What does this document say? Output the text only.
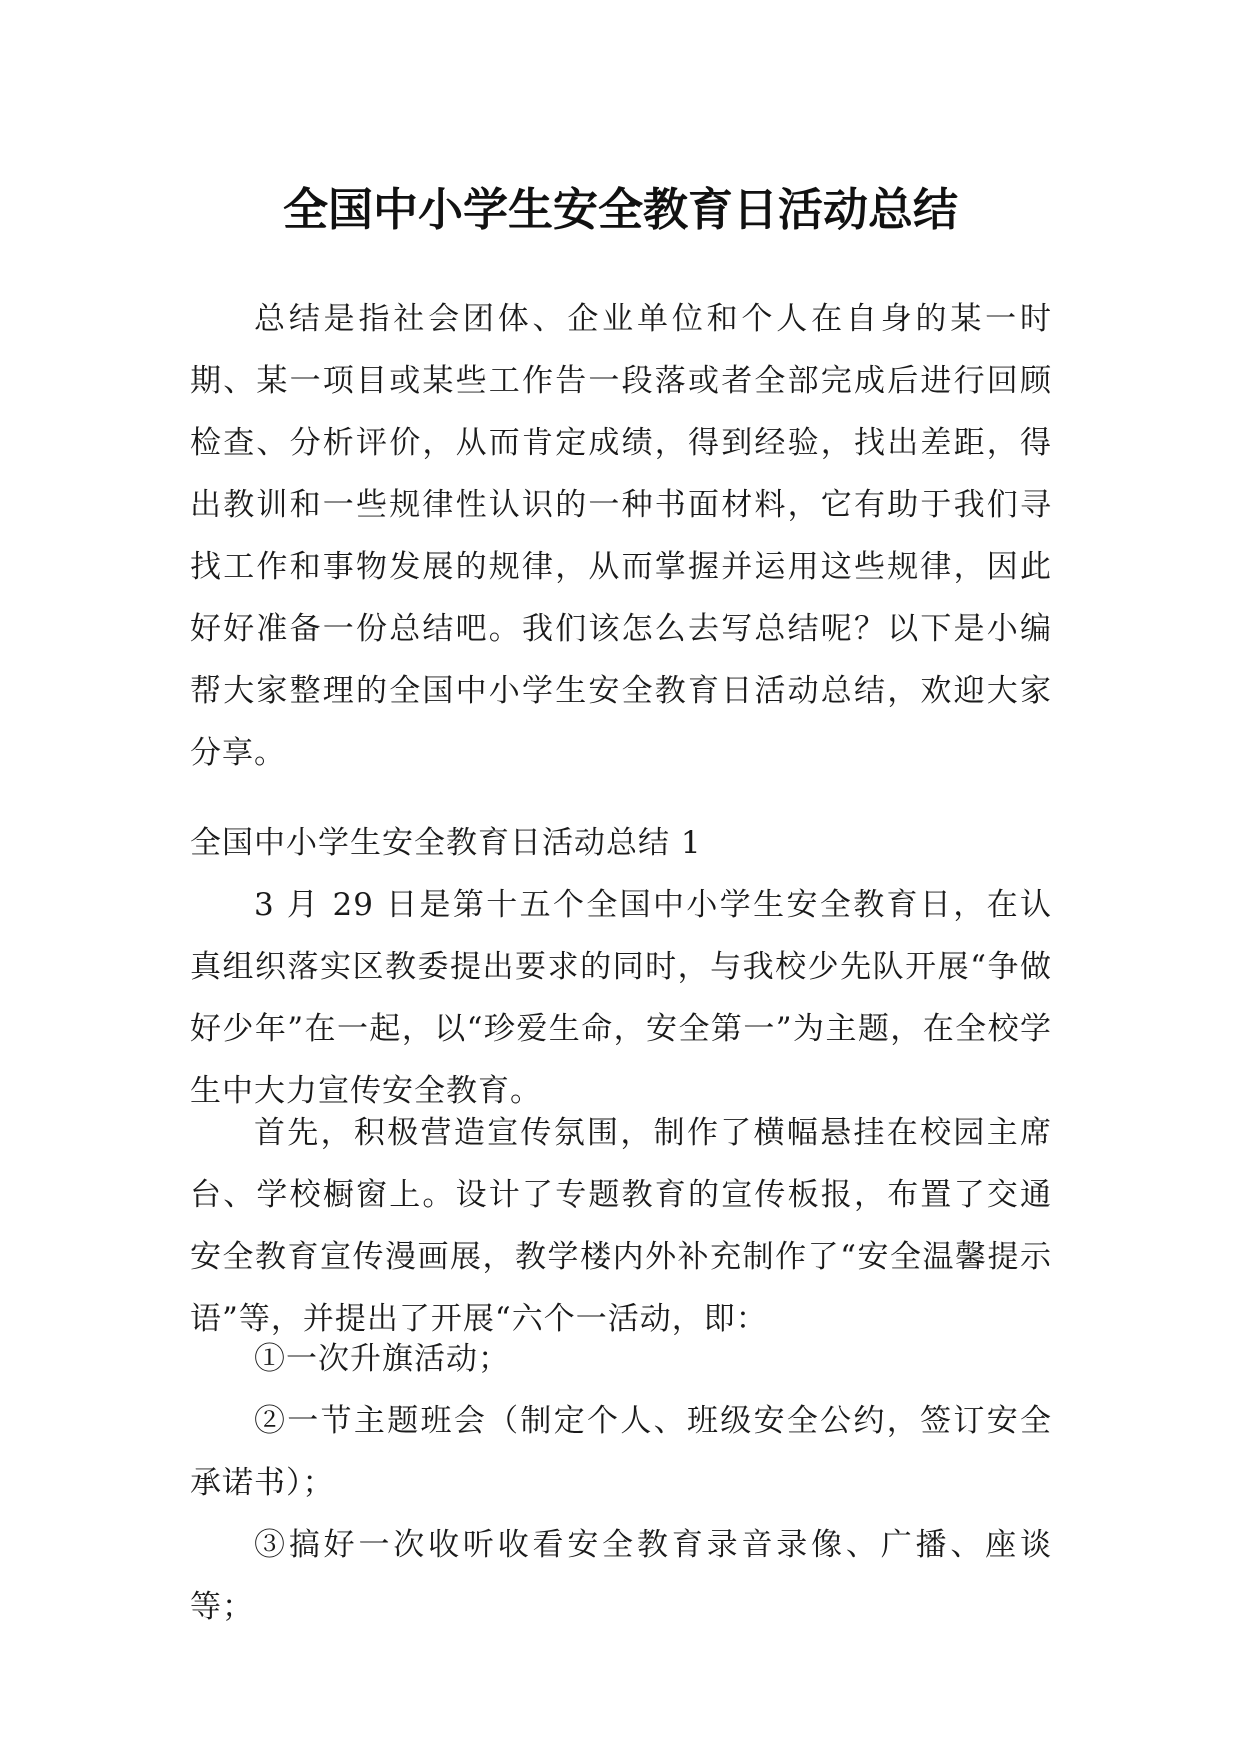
全国中小学生安全教育日活动总结

总结是指社会团体、企业单位和个人在自身的某一时期、某一项目或某些工作告一段落或者全部完成后进行回顾检查、分析评价，从而肯定成绩，得到经验，找出差距，得出教训和一些规律性认识的一种书面材料，它有助于我们寻找工作和事物发展的规律，从而掌握并运用这些规律，因此好好准备一份总结吧。我们该怎么去写总结呢？以下是小编帮大家整理的全国中小学生安全教育日活动总结，欢迎大家分享。

全国中小学生安全教育日活动总结 1

3 月 29 日是第十五个全国中小学生安全教育日，在认真组织落实区教委提出要求的同时，与我校少先队开展“争做好少年”在一起，以“珍爱生命，安全第一”为主题，在全校学生中大力宣传安全教育。

首先，积极营造宣传氛围，制作了横幅悬挂在校园主席台、学校橱窗上。设计了专题教育的宣传板报，布置了交通安全教育宣传漫画展，教学楼内外补充制作了“安全温馨提示语”等，并提出了开展“六个一活动，即：

①一次升旗活动；

②一节主题班会（制定个人、班级安全公约，签订安全承诺书）；

③搞好一次收听收看安全教育录音录像、广播、座谈等；
